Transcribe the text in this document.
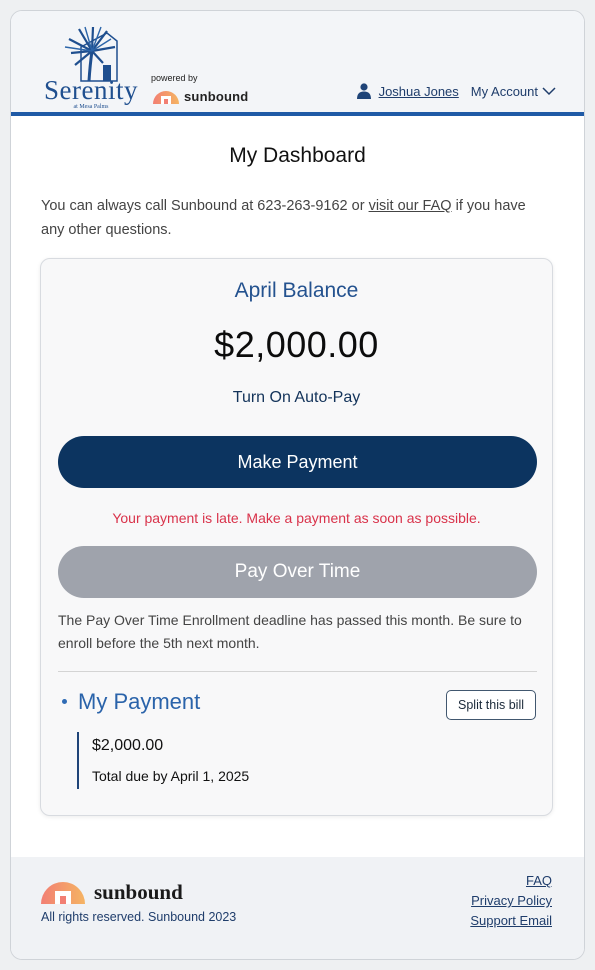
Serenity
at Mesa Palms
powered by
sunbound	Joshua Jones My Account
My Dashboard

You can always call Sunbound at 623-263-9162 or visit our FAQ if you have any other questions.

April Balance
$2,000.00
Turn On Auto-Pay
Make Payment
Your payment is late. Make a payment as soon as possible.
Pay Over Time
The Pay Over Time Enrollment deadline has passed this month. Be sure to enroll before the 5th next month.
My Payment	Split this bill
$2,000.00
Total due by April 1, 2025
sunbound
All rights reserved. Sunbound 2023
FAQ
Privacy Policy
Support Email
